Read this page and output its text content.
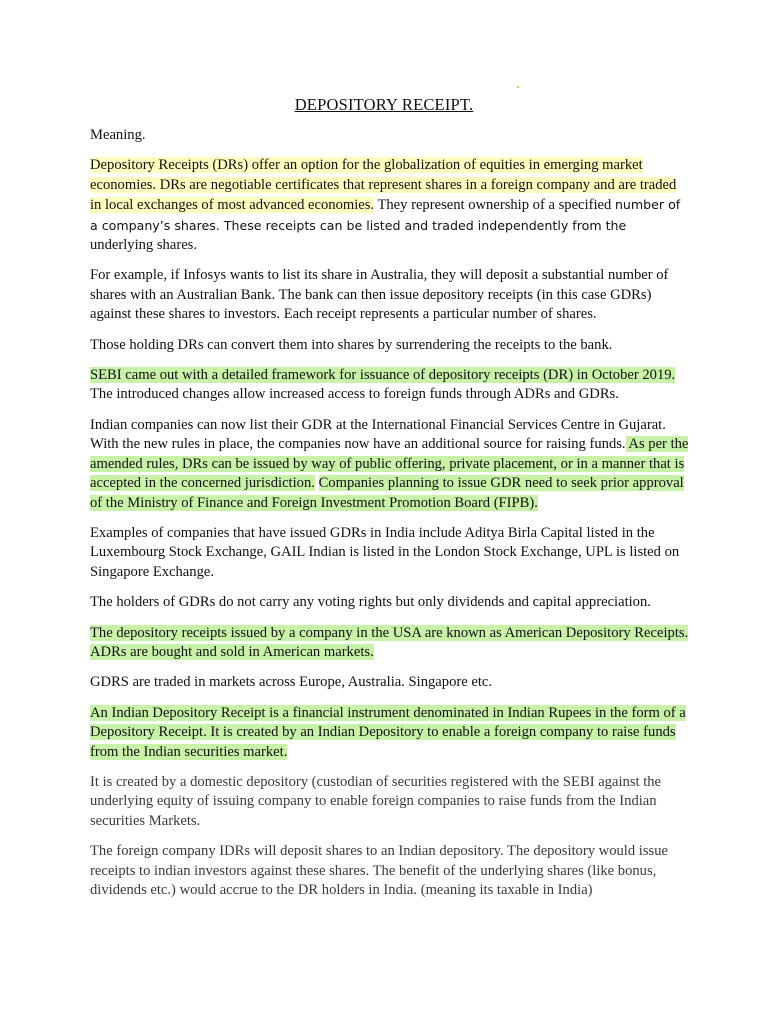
DEPOSITORY RECEIPT.

Meaning.

Depository Receipts (DRs) offer an option for the globalization of equities in emerging market economies. DRs are negotiable certificates that represent shares in a foreign company and are traded in local exchanges of most advanced economies. They represent ownership of a specified number of a company’s shares. These receipts can be listed and traded independently from the underlying shares.

For example, if Infosys wants to list its share in Australia, they will deposit a substantial number of shares with an Australian Bank. The bank can then issue depository receipts (in this case GDRs) against these shares to investors. Each receipt represents a particular number of shares.

Those holding DRs can convert them into shares by surrendering the receipts to the bank.

SEBI came out with a detailed framework for issuance of depository receipts (DR) in October 2019. The introduced changes allow increased access to foreign funds through ADRs and GDRs.

Indian companies can now list their GDR at the International Financial Services Centre in Gujarat. With the new rules in place, the companies now have an additional source for raising funds. As per the amended rules, DRs can be issued by way of public offering, private placement, or in a manner that is accepted in the concerned jurisdiction. Companies planning to issue GDR need to seek prior approval of the Ministry of Finance and Foreign Investment Promotion Board (FIPB).

Examples of companies that have issued GDRs in India include Aditya Birla Capital listed in the Luxembourg Stock Exchange, GAIL Indian is listed in the London Stock Exchange, UPL is listed on Singapore Exchange.

The holders of GDRs do not carry any voting rights but only dividends and capital appreciation.

The depository receipts issued by a company in the USA are known as American Depository Receipts. ADRs are bought and sold in American markets.

GDRS are traded in markets across Europe, Australia. Singapore etc.

An Indian Depository Receipt is a financial instrument denominated in Indian Rupees in the form of a Depository Receipt. It is created by an Indian Depository to enable a foreign company to raise funds from the Indian securities market.

It is created by a domestic depository (custodian of securities registered with the SEBI against the underlying equity of issuing company to enable foreign companies to raise funds from the Indian securities Markets.

The foreign company IDRs will deposit shares to an Indian depository. The depository would issue receipts to indian investors against these shares. The benefit of the underlying shares (like bonus, dividends etc.) would accrue to the DR holders in India. (meaning its taxable in India)
